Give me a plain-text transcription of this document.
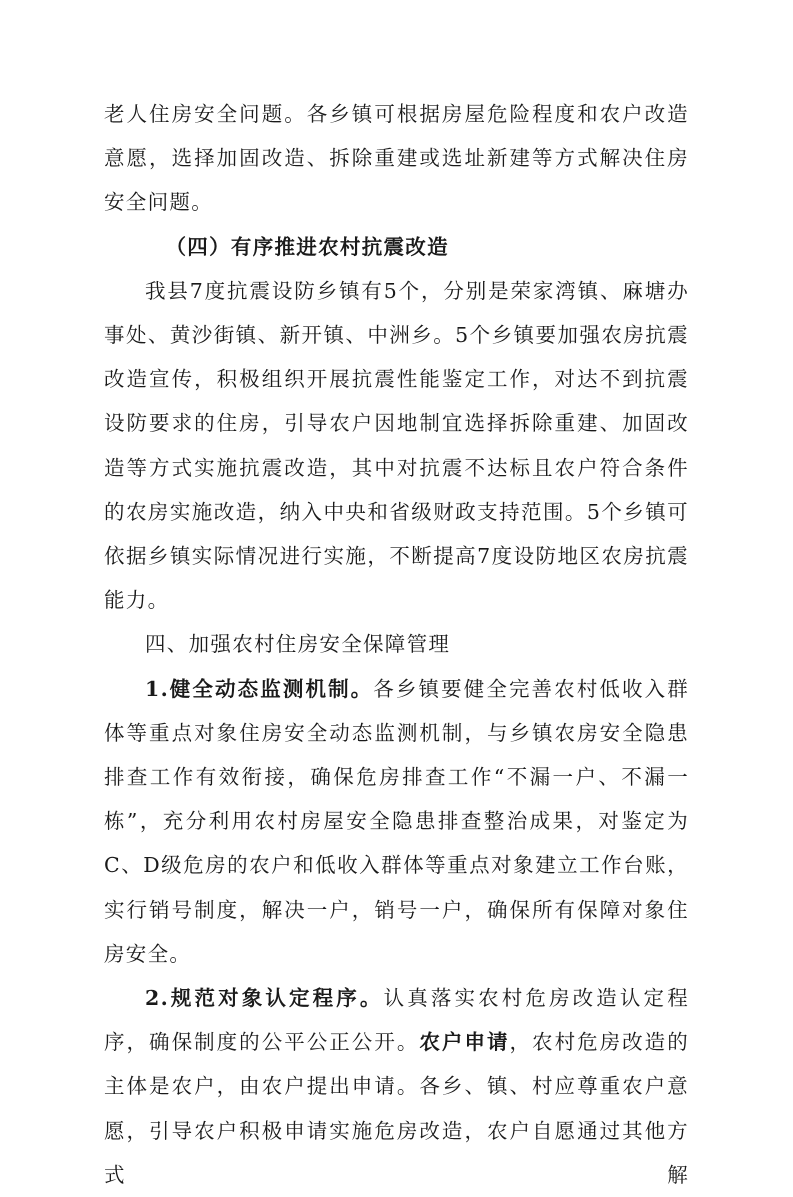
老人住房安全问题。各乡镇可根据房屋危险程度和农户改造意愿，选择加固改造、拆除重建或选址新建等方式解决住房安全问题。

（四）有序推进农村抗震改造

我县7度抗震设防乡镇有5个，分别是荣家湾镇、麻塘办事处、黄沙街镇、新开镇、中洲乡。5个乡镇要加强农房抗震改造宣传，积极组织开展抗震性能鉴定工作，对达不到抗震设防要求的住房，引导农户因地制宜选择拆除重建、加固改造等方式实施抗震改造，其中对抗震不达标且农户符合条件的农房实施改造，纳入中央和省级财政支持范围。5个乡镇可依据乡镇实际情况进行实施，不断提高7度设防地区农房抗震能力。

四、加强农村住房安全保障管理

1.健全动态监测机制。各乡镇要健全完善农村低收入群体等重点对象住房安全动态监测机制，与乡镇农房安全隐患排查工作有效衔接，确保危房排查工作“不漏一户、不漏一栋”，充分利用农村房屋安全隐患排查整治成果，对鉴定为C、D级危房的农户和低收入群体等重点对象建立工作台账，实行销号制度，解决一户，销号一户，确保所有保障对象住房安全。

2.规范对象认定程序。认真落实农村危房改造认定程序，确保制度的公平公正公开。农户申请，农村危房改造的主体是农户，由农户提出申请。各乡、镇、村应尊重农户意愿，引导农户积极申请实施危房改造，农户自愿通过其他方式解
